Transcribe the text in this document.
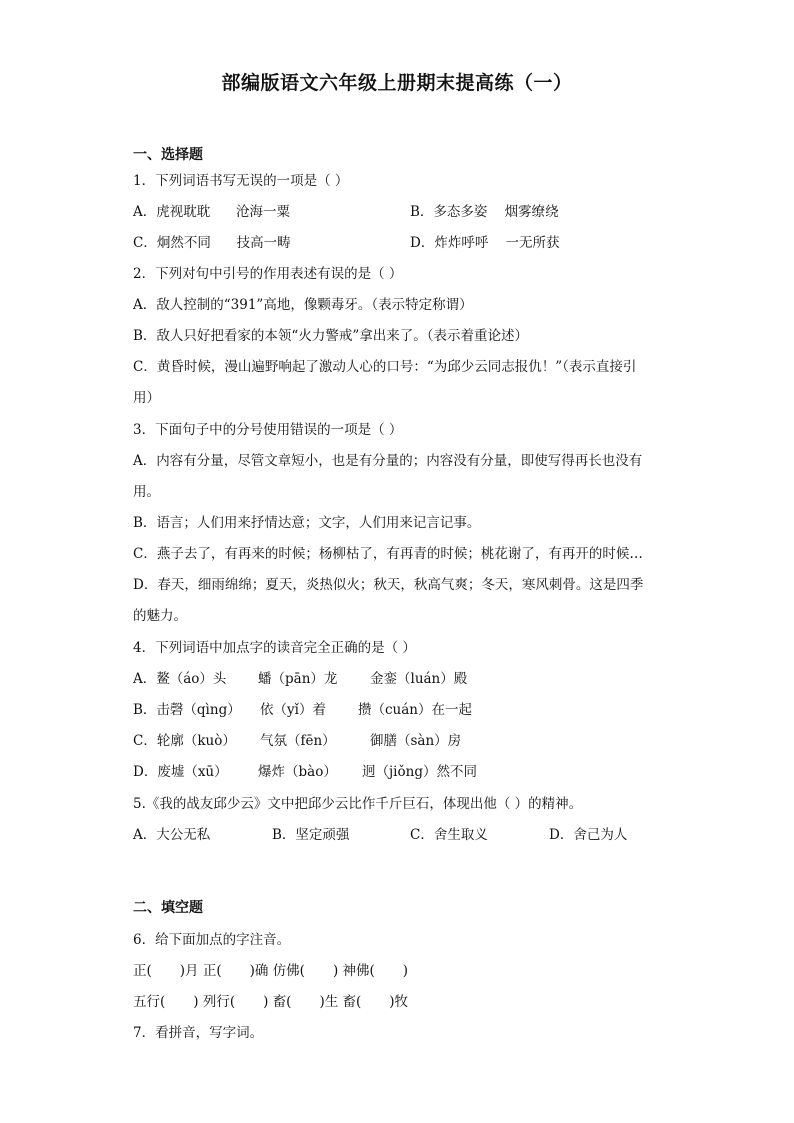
部编版语文六年级上册期末提高练（一）
一、选择题
1．下列词语书写无误的一项是（ ）
A．虎视耽耽      沧海一粟	B．多态多姿    烟雾缭绕
C．炯然不同      技高一畴	D．炸炸呼呼    一无所获
2．下列对句中引号的作用表述有误的是（ ）
A．敌人控制的“391”高地，像颗毒牙。（表示特定称谓）
B．敌人只好把看家的本领“火力警戒”拿出来了。（表示着重论述）
C．黄昏时候，漫山遍野响起了激动人心的口号：“为邱少云同志报仇！”（表示直接引
用）
3．下面句子中的分号使用错误的一项是（ ）
A．内容有分量，尽管文章短小，也是有分量的；内容没有分量，即使写得再长也没有
用。
B．语言；人们用来抒情达意；文字，人们用来记言记事。
C．燕子去了，有再来的时候；杨柳枯了，有再青的时候；桃花谢了，有再开的时候…
D．春天，细雨绵绵；夏天，炎热似火；秋天，秋高气爽；冬天，寒风刺骨。这是四季
的魅力。
4．下列词语中加点字的读音完全正确的是（ ）
A．鳌（áo）头 蟠（pān）龙 金銮（luán）殿
B．击磬（qìng） 依（yǐ）着 攒（cuán）在一起
C．轮廓（kuò） 气氛（fēn）	御膳（sàn）房
D．废墟（xū） 爆炸（bào） 迥（jiǒng）然不同
5.《我的战友邱少云》文中把邱少云比作千斤巨石，体现出他（ ）的精神。
A．大公无私	B．坚定顽强	C．舍生取义	D．舍己为人
二、填空题
6．给下面加点的字注音。
正( )月 正( )确 仿佛( ) 神佛( )
五行( ) 列行( ) 畜( )生 畜( )牧
7．看拼音，写字词。
